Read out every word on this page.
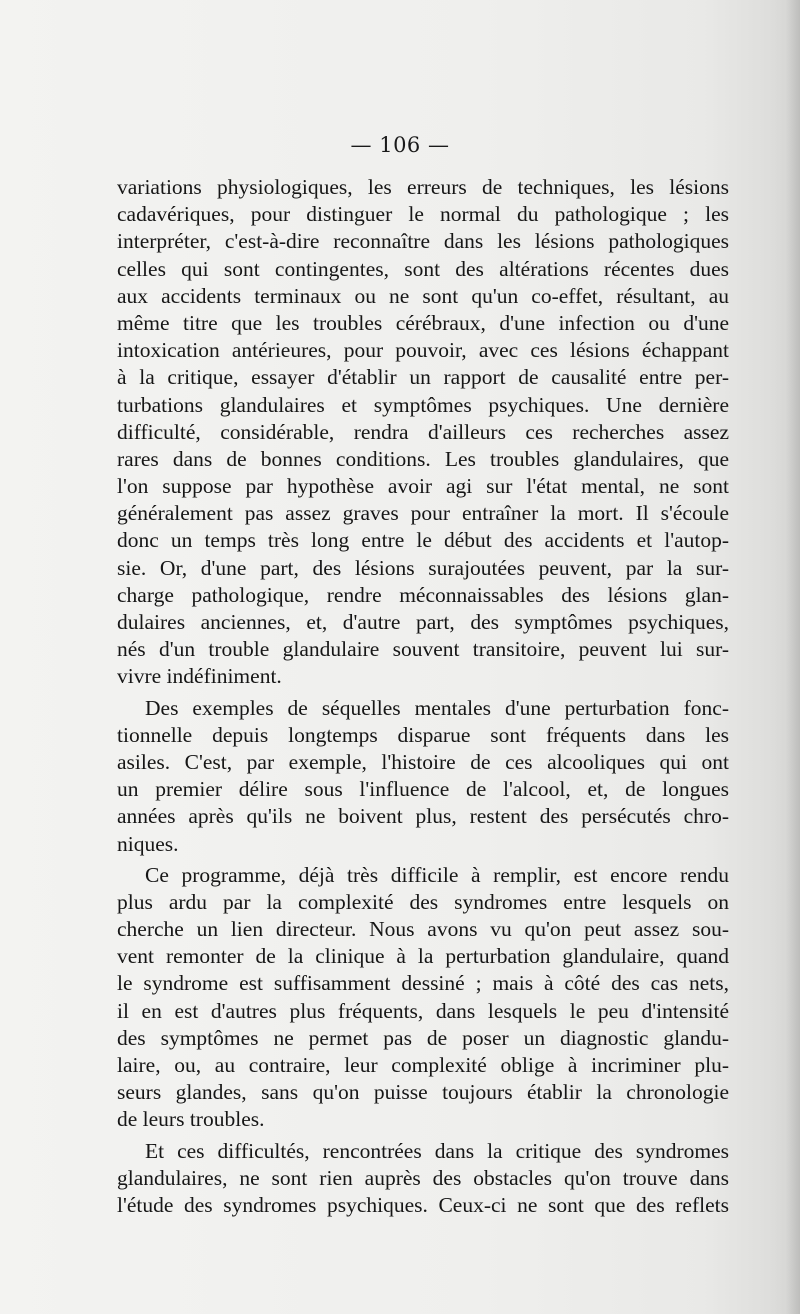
— 106 —
variations physiologiques, les erreurs de techniques, les lésions
cadavériques, pour distinguer le normal du pathologique ; les
interpréter, c'est-à-dire reconnaître dans les lésions pathologiques
celles qui sont contingentes, sont des altérations récentes dues
aux accidents terminaux ou ne sont qu'un co-effet, résultant, au
même titre que les troubles cérébraux, d'une infection ou d'une
intoxication antérieures, pour pouvoir, avec ces lésions échappant
à la critique, essayer d'établir un rapport de causalité entre per-
turbations glandulaires et symptômes psychiques. Une dernière
difficulté, considérable, rendra d'ailleurs ces recherches assez
rares dans de bonnes conditions. Les troubles glandulaires, que
l'on suppose par hypothèse avoir agi sur l'état mental, ne sont
généralement pas assez graves pour entraîner la mort. Il s'écoule
donc un temps très long entre le début des accidents et l'autop-
sie. Or, d'une part, des lésions surajoutées peuvent, par la sur-
charge pathologique, rendre méconnaissables des lésions glan-
dulaires anciennes, et, d'autre part, des symptômes psychiques,
nés d'un trouble glandulaire souvent transitoire, peuvent lui sur-
vivre indéfiniment.
Des exemples de séquelles mentales d'une perturbation fonc-
tionnelle depuis longtemps disparue sont fréquents dans les
asiles. C'est, par exemple, l'histoire de ces alcooliques qui ont
un premier délire sous l'influence de l'alcool, et, de longues
années après qu'ils ne boivent plus, restent des persécutés chro-
niques.
Ce programme, déjà très difficile à remplir, est encore rendu
plus ardu par la complexité des syndromes entre lesquels on
cherche un lien directeur. Nous avons vu qu'on peut assez sou-
vent remonter de la clinique à la perturbation glandulaire, quand
le syndrome est suffisamment dessiné ; mais à côté des cas nets,
il en est d'autres plus fréquents, dans lesquels le peu d'intensité
des symptômes ne permet pas de poser un diagnostic glandu-
laire, ou, au contraire, leur complexité oblige à incriminer plu-
seurs glandes, sans qu'on puisse toujours établir la chronologie
de leurs troubles.
Et ces difficultés, rencontrées dans la critique des syndromes
glandulaires, ne sont rien auprès des obstacles qu'on trouve dans
l'étude des syndromes psychiques. Ceux-ci ne sont que des reflets
